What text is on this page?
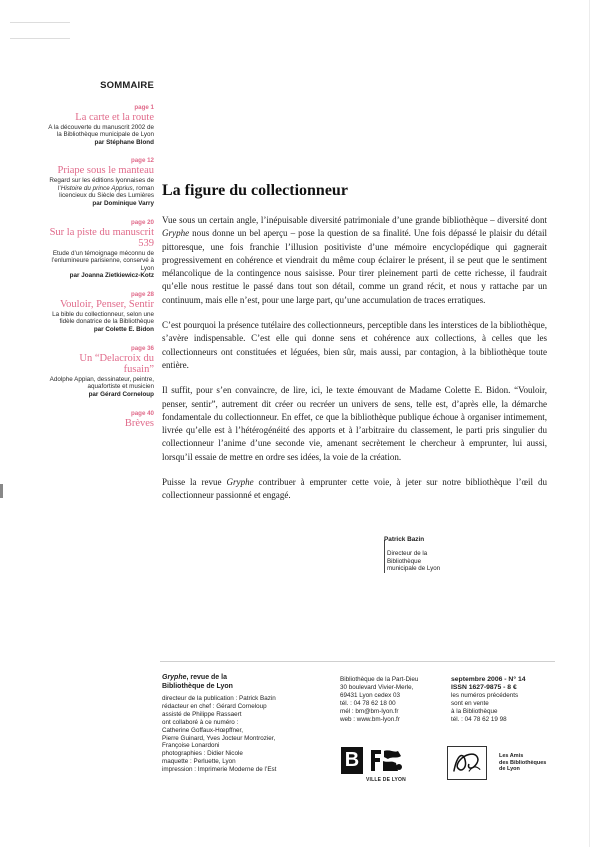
SOMMAIRE
page 1
La carte et la route
A la découverte du manuscrit 2002 de la Bibliothèque municipale de Lyon
par Stéphane Blond
page 12
Priape sous le manteau
Regard sur les éditions lyonnaises de l’Histoire du prince Apprius, roman licencieux du Siècle des Lumières
par Dominique Varry
page 20
Sur la piste du manuscrit 539
Etude d’un témoignage méconnu de l’enlumineure parisienne, conservé à Lyon
par Joanna Zietkiewicz-Kotz
page 28
Vouloir, Penser, Sentir
La bible du collectionneur, selon une fidèle donatrice de la Bibliothèque
par Colette E. Bidon
page 36
Un “Delacroix du fusain”
Adolphe Appian, dessinateur, peintre, aquafortiste et musicien
par Gérard Corneloup
page 40
Brèves
La figure du collectionneur

Vue sous un certain angle, l’inépuisable diversité patrimoniale d’une grande bibliothèque – diversité dont Gryphe nous donne un bel aperçu – pose la question de sa finalité. Une fois dépassé le plaisir du détail pittoresque, une fois franchie l’illusion positiviste d’une mémoire encyclopédique qui gagnerait progressivement en cohérence et viendrait du même coup éclairer le présent, il se peut que le sentiment mélancolique de la contingence nous saisisse. Pour tirer pleinement parti de cette richesse, il faudrait qu’elle nous restitue le passé dans tout son détail, comme un grand récit, et nous y rattache par un continuum, mais elle n’est, pour une large part, qu’une accumulation de traces erratiques.

C’est pourquoi la présence tutélaire des collectionneurs, perceptible dans les interstices de la bibliothèque, s’avère indispensable. C’est elle qui donne sens et cohérence aux collections, à celles que les collectionneurs ont constituées et léguées, bien sûr, mais aussi, par contagion, à la bibliothèque toute entière.

Il suffit, pour s’en convaincre, de lire, ici, le texte émouvant de Madame Colette E. Bidon. “Vouloir, penser, sentir”, autrement dit créer ou recréer un univers de sens, telle est, d’après elle, la démarche fondamentale du collectionneur. En effet, ce que la bibliothèque publique échoue à organiser intimement, livrée qu’elle est à l’hétérogénéité des apports et à l’arbitraire du classement, le parti pris singulier du collectionneur l’anime d’une seconde vie, amenant secrètement le chercheur à emprunter, lui aussi, lorsqu’il essaie de mettre en ordre ses idées, la voie de la création.

Puisse la revue Gryphe contribuer à emprunter cette voie, à jeter sur notre bibliothèque l’œil du collectionneur passionné et engagé.

Patrick Bazin
Directeur de la
Bibliothèque
municipale de Lyon
Gryphe, revue de la
Bibliothèque de Lyon
directeur de la publication : Patrick Bazin
rédacteur en chef : Gérard Corneloup
assisté de Philippe Rassaert
ont collaboré à ce numéro :
Catherine Goffaux-Hœpffner,
Pierre Guinard, Yves Jocteur Montrozier,
Françoise Lonardoni
photographies : Didier Nicole
maquette : Perluette, Lyon
impression : Imprimerie Moderne de l’Est
Bibliothèque de la Part-Dieu
30 boulevard Vivier-Merle,
69431 Lyon cedex 03
tél. : 04 78 62 18 00
mél : bm@bm-lyon.fr
web : www.bm-lyon.fr
septembre 2006 - N° 14
ISSN 1627-9875 - 8 €
les numéros précédents
sont en vente
à la Bibliothèque
tél. : 04 78 62 19 98
B
VILLE DE LYON
Les Amis
des Bibliothèques
de Lyon
